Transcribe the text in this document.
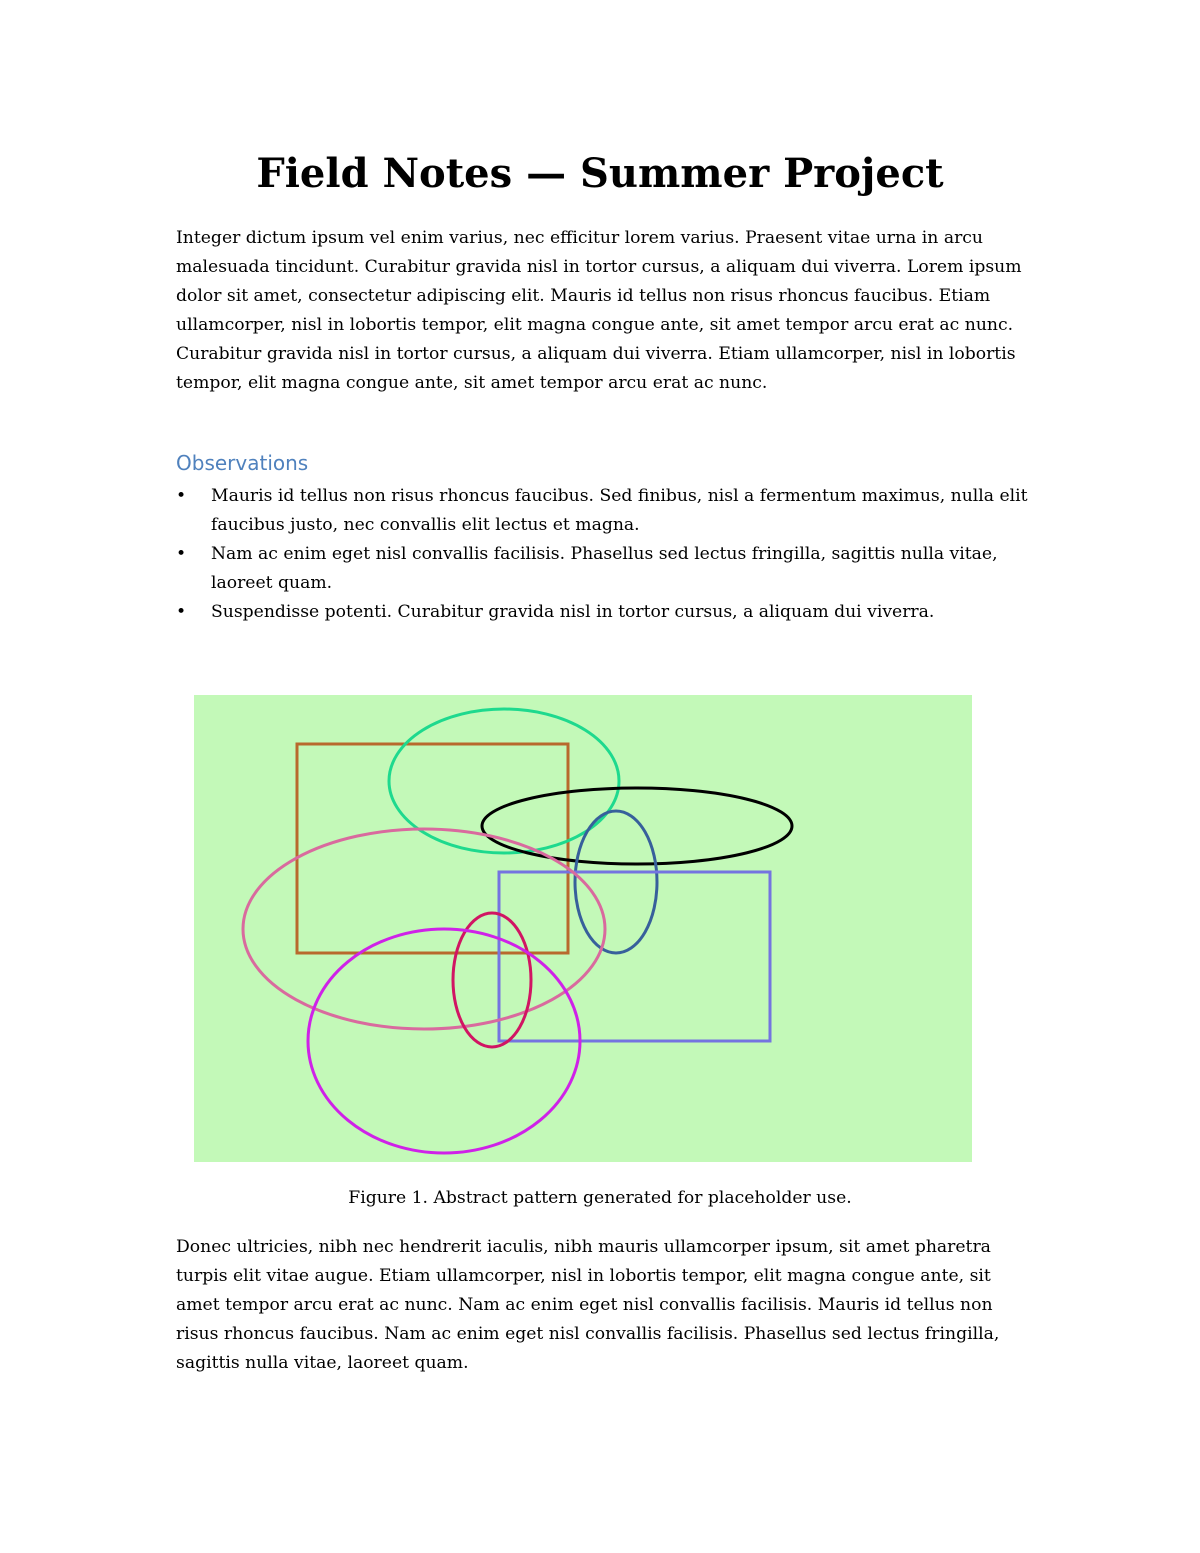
Field Notes — Summer Project

Integer dictum ipsum vel enim varius, nec efficitur lorem varius. Praesent vitae urna in arcu malesuada tincidunt. Curabitur gravida nisl in tortor cursus, a aliquam dui viverra. Lorem ipsum dolor sit amet, consectetur adipiscing elit. Mauris id tellus non risus rhoncus faucibus. Etiam ullamcorper, nisl in lobortis tempor, elit magna congue ante, sit amet tempor arcu erat ac nunc. Curabitur gravida nisl in tortor cursus, a aliquam dui viverra. Etiam ullamcorper, nisl in lobortis tempor, elit magna congue ante, sit amet tempor arcu erat ac nunc.

Observations
• Mauris id tellus non risus rhoncus faucibus. Sed finibus, nisl a fermentum maximus, nulla elit faucibus justo, nec convallis elit lectus et magna.
• Nam ac enim eget nisl convallis facilisis. Phasellus sed lectus fringilla, sagittis nulla vitae, laoreet quam.
• Suspendisse potenti. Curabitur gravida nisl in tortor cursus, a aliquam dui viverra.

Figure 1. Abstract pattern generated for placeholder use.

Donec ultricies, nibh nec hendrerit iaculis, nibh mauris ullamcorper ipsum, sit amet pharetra turpis elit vitae augue. Etiam ullamcorper, nisl in lobortis tempor, elit magna congue ante, sit amet tempor arcu erat ac nunc. Nam ac enim eget nisl convallis facilisis. Mauris id tellus non risus rhoncus faucibus. Nam ac enim eget nisl convallis facilisis. Phasellus sed lectus fringilla, sagittis nulla vitae, laoreet quam.
